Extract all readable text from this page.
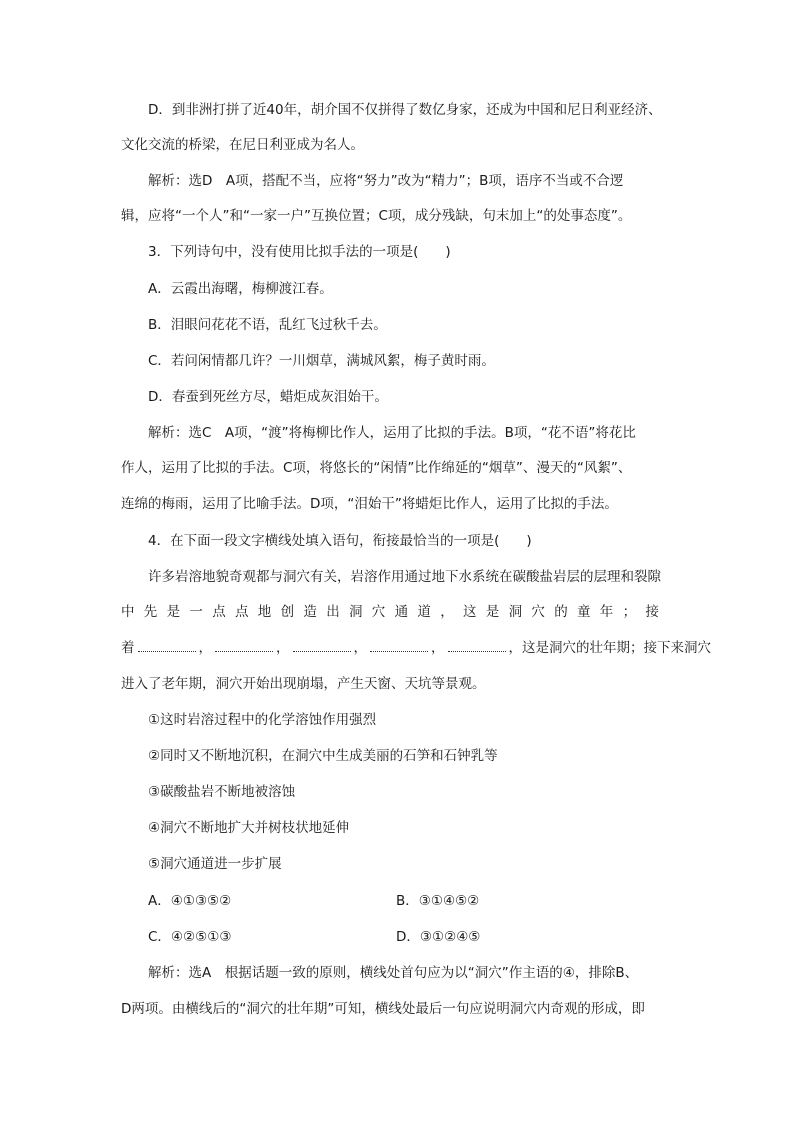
D．到非洲打拼了近40年，胡介国不仅拼得了数亿身家，还成为中国和尼日利亚经济、
文化交流的桥梁，在尼日利亚成为名人。
解析：选D　A项，搭配不当，应将“努力”改为“精力”；B项，语序不当或不合逻
辑，应将“一个人”和“一家一户”互换位置；C项，成分残缺，句末加上“的处事态度”。
3．下列诗句中，没有使用比拟手法的一项是(　　)
A．云霞出海曙，梅柳渡江春。
B．泪眼问花花不语，乱红飞过秋千去。
C．若问闲情都几许？一川烟草，满城风絮，梅子黄时雨。
D．春蚕到死丝方尽，蜡炬成灰泪始干。
解析：选C　A项，“渡”将梅柳比作人，运用了比拟的手法。B项，“花不语”将花比
作人，运用了比拟的手法。C项，将悠长的“闲情”比作绵延的“烟草”、漫天的“风絮”、
连绵的梅雨，运用了比喻手法。D项，“泪始干”将蜡炬比作人，运用了比拟的手法。
4．在下面一段文字横线处填入语句，衔接最恰当的一项是(　　)
许多岩溶地貌奇观都与洞穴有关，岩溶作用通过地下水系统在碳酸盐岩层的层理和裂隙
中先是一点点地创造出洞穴通道，这是洞穴的童年；接
着	，	，	，	，	，这是洞穴的壮年期；接下来洞穴
进入了老年期，洞穴开始出现崩塌，产生天窗、天坑等景观。
①这时岩溶过程中的化学溶蚀作用强烈
②同时又不断地沉积，在洞穴中生成美丽的石笋和石钟乳等
③碳酸盐岩不断地被溶蚀
④洞穴不断地扩大并树枝状地延伸
⑤洞穴通道进一步扩展
A．④①③⑤②	B．③①④⑤②
C．④②⑤①③	D．③①②④⑤
解析：选A　根据话题一致的原则，横线处首句应为以“洞穴”作主语的④，排除B、
D两项。由横线后的“洞穴的壮年期”可知，横线处最后一句应说明洞穴内奇观的形成，即
